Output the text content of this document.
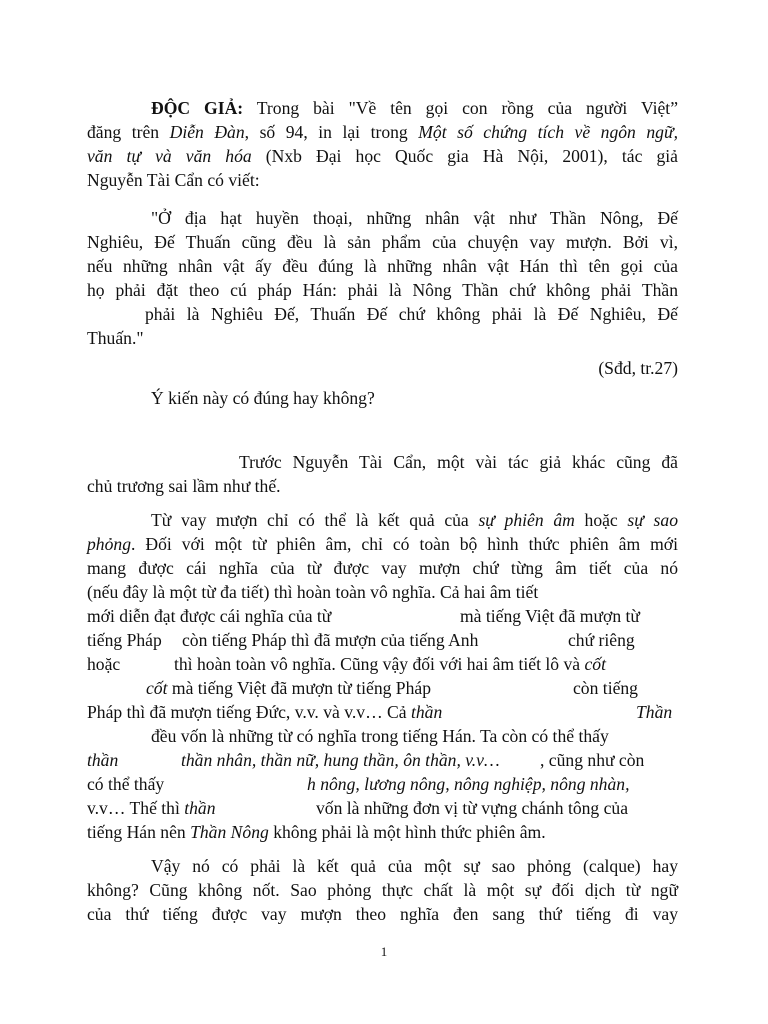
ĐỘC GIẢ: Trong bài "Về tên gọi con rồng của người Việt”
đăng trên Diễn Đàn, số 94, in lại trong Một số chứng tích về ngôn ngữ,
văn tự và văn hóa (Nxb Đại học Quốc gia Hà Nội, 2001), tác giả
Nguyễn Tài Cẩn có viết:
"Ở địa hạt huyền thoại, những nhân vật như Thần Nông, Đế
Nghiêu, Đế Thuấn cũng đều là sản phẩm của chuyện vay mượn. Bởi vì,
nếu những nhân vật ấy đều đúng là những nhân vật Hán thì tên gọi của
họ phải đặt theo cú pháp Hán: phải là Nông Thần chứ không phải Thần
phải là Nghiêu Đế, Thuấn Đế chứ không phải là Đế Nghiêu, Đế
Thuấn."
(Sđd, tr.27)
Ý kiến này có đúng hay không?
Trước Nguyễn Tài Cẩn, một vài tác giả khác cũng đã
chủ trương sai lầm như thế.
Từ vay mượn chỉ có thể là kết quả của sự phiên âm hoặc sự sao
phỏng. Đối với một từ phiên âm, chỉ có toàn bộ hình thức phiên âm mới
mang được cái nghĩa của từ được vay mượn chứ từng âm tiết của nó
(nếu đây là một từ đa tiết) thì hoàn toàn vô nghĩa. Cả hai âm tiết
mới diễn đạt được cái nghĩa của từ	mà tiếng Việt đã mượn từ
tiếng Pháp còn tiếng Pháp thì đã mượn của tiếng Anh	chứ riêng
hoặc	thì hoàn toàn vô nghĩa. Cũng vậy đối với hai âm tiết lô và cốt
cốt mà tiếng Việt đã mượn từ tiếng Pháp	còn tiếng
Pháp thì đã mượn tiếng Đức, v.v. và v.v… Cả thần	Thần
đều vốn là những từ có nghĩa trong tiếng Hán. Ta còn có thể thấy
thần	thần nhân, thần nữ, hung thần, ôn thần, v.v… , cũng như còn
có thể thấy	h nông, lương nông, nông nghiệp, nông nhàn,
v.v… Thế thì thần	vốn là những đơn vị từ vựng chánh tông của
tiếng Hán nên Thần Nông không phải là một hình thức phiên âm.
Vậy nó có phải là kết quả của một sự sao phỏng (calque) hay
không? Cũng không nốt. Sao phỏng thực chất là một sự đối dịch từ ngữ
của thứ tiếng được vay mượn theo nghĩa đen sang thứ tiếng đi vay
1
